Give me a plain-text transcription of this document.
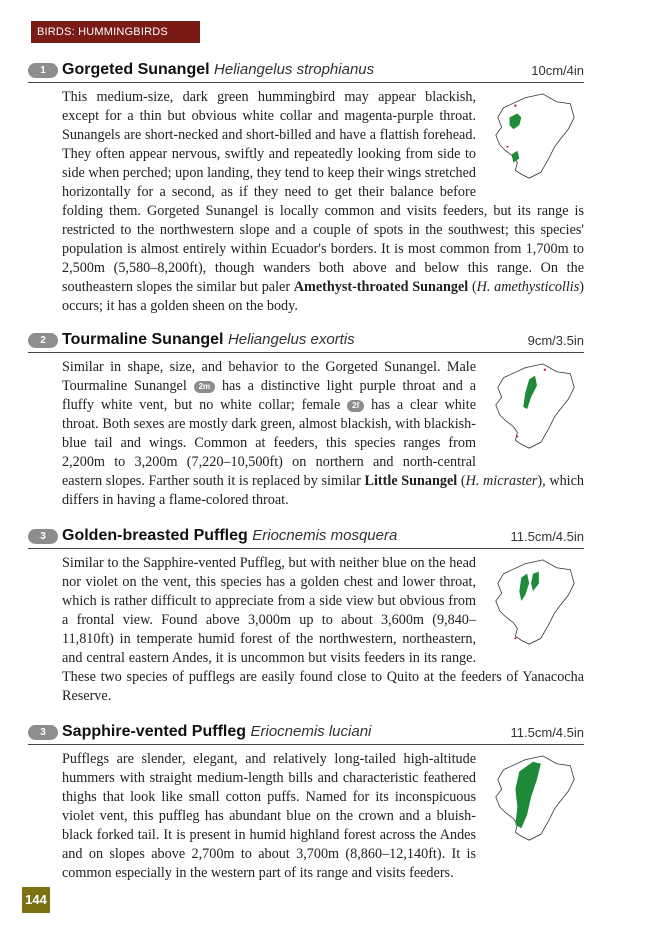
BIRDS: HUMMINGBIRDS
1	Gorgeted Sunangel Heliangelus strophianus	10cm/4in
This medium-size, dark green hummingbird may appear blackish, except for a thin but obvious white collar and magenta-purple throat. Sunangels are short-necked and short-billed and have a flattish forehead. They often appear nervous, swiftly and repeatedly looking from side to side when perched; upon landing, they tend to keep their wings stretched horizontally for a second, as if they need to get their balance before folding them. Gorgeted Sunangel is locally common and visits feeders, but its range is restricted to the northwestern slope and a couple of spots in the southwest; this species' population is almost entirely within Ecuador's borders. It is most common from 1,700m to 2,500m (5,580–8,200ft), though wanders both above and below this range. On the southeastern slopes the similar but paler Amethyst-throated Sunangel (H. amethysticollis) occurs; it has a golden sheen on the body.
2	Tourmaline Sunangel Heliangelus exortis	9cm/3.5in
Similar in shape, size, and behavior to the Gorgeted Sunangel. Male Tourmaline Sunangel 2m has a distinctive light purple throat and a fluffy white vent, but no white collar; female 2f has a clear white throat. Both sexes are mostly dark green, almost blackish, with blackish-blue tail and wings. Common at feeders, this species ranges from 2,200m to 3,200m (7,220–10,500ft) on northern and north-central eastern slopes. Farther south it is replaced by similar Little Sunangel (H. micraster), which differs in having a flame-colored throat.
3	Golden-breasted Puffleg Eriocnemis mosquera	11.5cm/4.5in
Similar to the Sapphire-vented Puffleg, but with neither blue on the head nor violet on the vent, this species has a golden chest and lower throat, which is rather difficult to appreciate from a side view but obvious from a frontal view. Found above 3,000m up to about 3,600m (9,840–11,810ft) in temperate humid forest of the northwestern, northeastern, and central eastern Andes, it is uncommon but visits feeders in its range. These two species of pufflegs are easily found close to Quito at the feeders of Yanacocha Reserve.
3	Sapphire-vented Puffleg Eriocnemis luciani	11.5cm/4.5in
Pufflegs are slender, elegant, and relatively long-tailed high-altitude hummers with straight medium-length bills and characteristic feathered thighs that look like small cotton puffs. Named for its inconspicuous violet vent, this puffleg has abundant blue on the crown and a bluish-black forked tail. It is present in humid highland forest across the Andes and on slopes above 2,700m to about 3,700m (8,860–12,140ft). It is common especially in the western part of its range and visits feeders.
144
